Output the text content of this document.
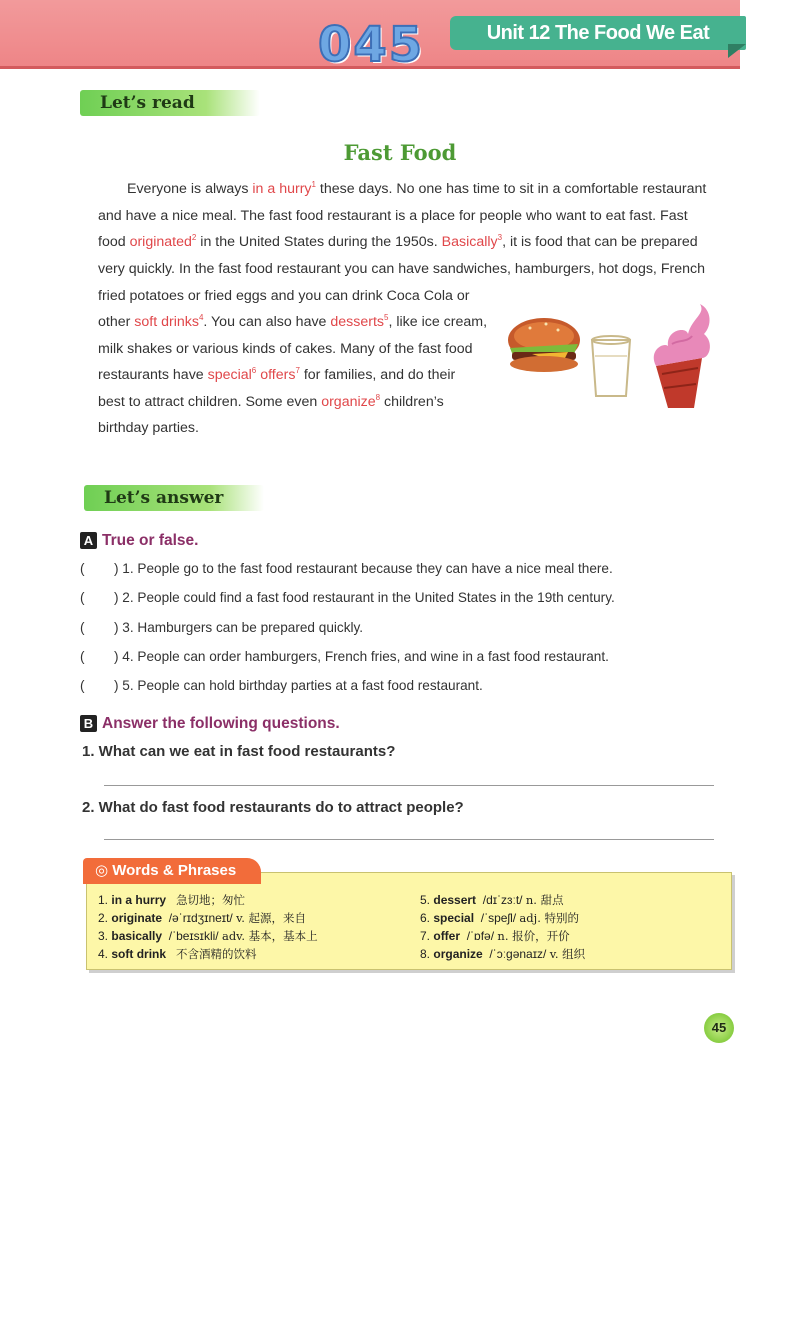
045	Unit 12 The Food We Eat
Let’s read
Fast Food
Everyone is always in a hurry$^1$ these days. No one has time to sit in a comfortable restaurant
and have a nice meal. The fast food restaurant is a place for people who want to eat fast. Fast
food originated$^2$ in the United States during the 1950s. Basically$^3$, it is food that can be prepared
very quickly. In the fast food restaurant you can have sandwiches, hamburgers, hot dogs, French
fried potatoes or fried eggs and you can drink Coca Cola or
other soft drinks$^4$. You can also have desserts$^5$, like ice cream,
milk shakes or various kinds of cakes. Many of the fast food
restaurants have special$^6$ offers$^7$ for families, and do their
best to attract children. Some even organize$^8$ children’s
birthday parties.
Let’s answer
A True or false.
( ) 1. People go to the fast food restaurant because they can have a nice meal there.
( ) 2. People could find a fast food restaurant in the United States in the 19th century.
( ) 3. Hamburgers can be prepared quickly.
( ) 4. People can order hamburgers, French fries, and wine in a fast food restaurant.
( ) 5. People can hold birthday parties at a fast food restaurant.
B Answer the following questions.
1. What can we eat in fast food restaurants?
2. What do fast food restaurants do to attract people?
◎ Words & Phrases
1. in a hurry 急切地；匆忙
2. originate /əˈrɪdʒɪneɪt/ v. 起源，来自
3. basically /ˈbeɪsɪkli/ adv. 基本，基本上
4. soft drink 不含酒精的饮料
5. dessert /dɪˈzɜːt/ n. 甜点
6. special /ˈspeʃl/ adj. 特别的
7. offer /ˈɒfə/ n. 报价，开价
8. organize /ˈɔːgənaɪz/ v. 组织
45
